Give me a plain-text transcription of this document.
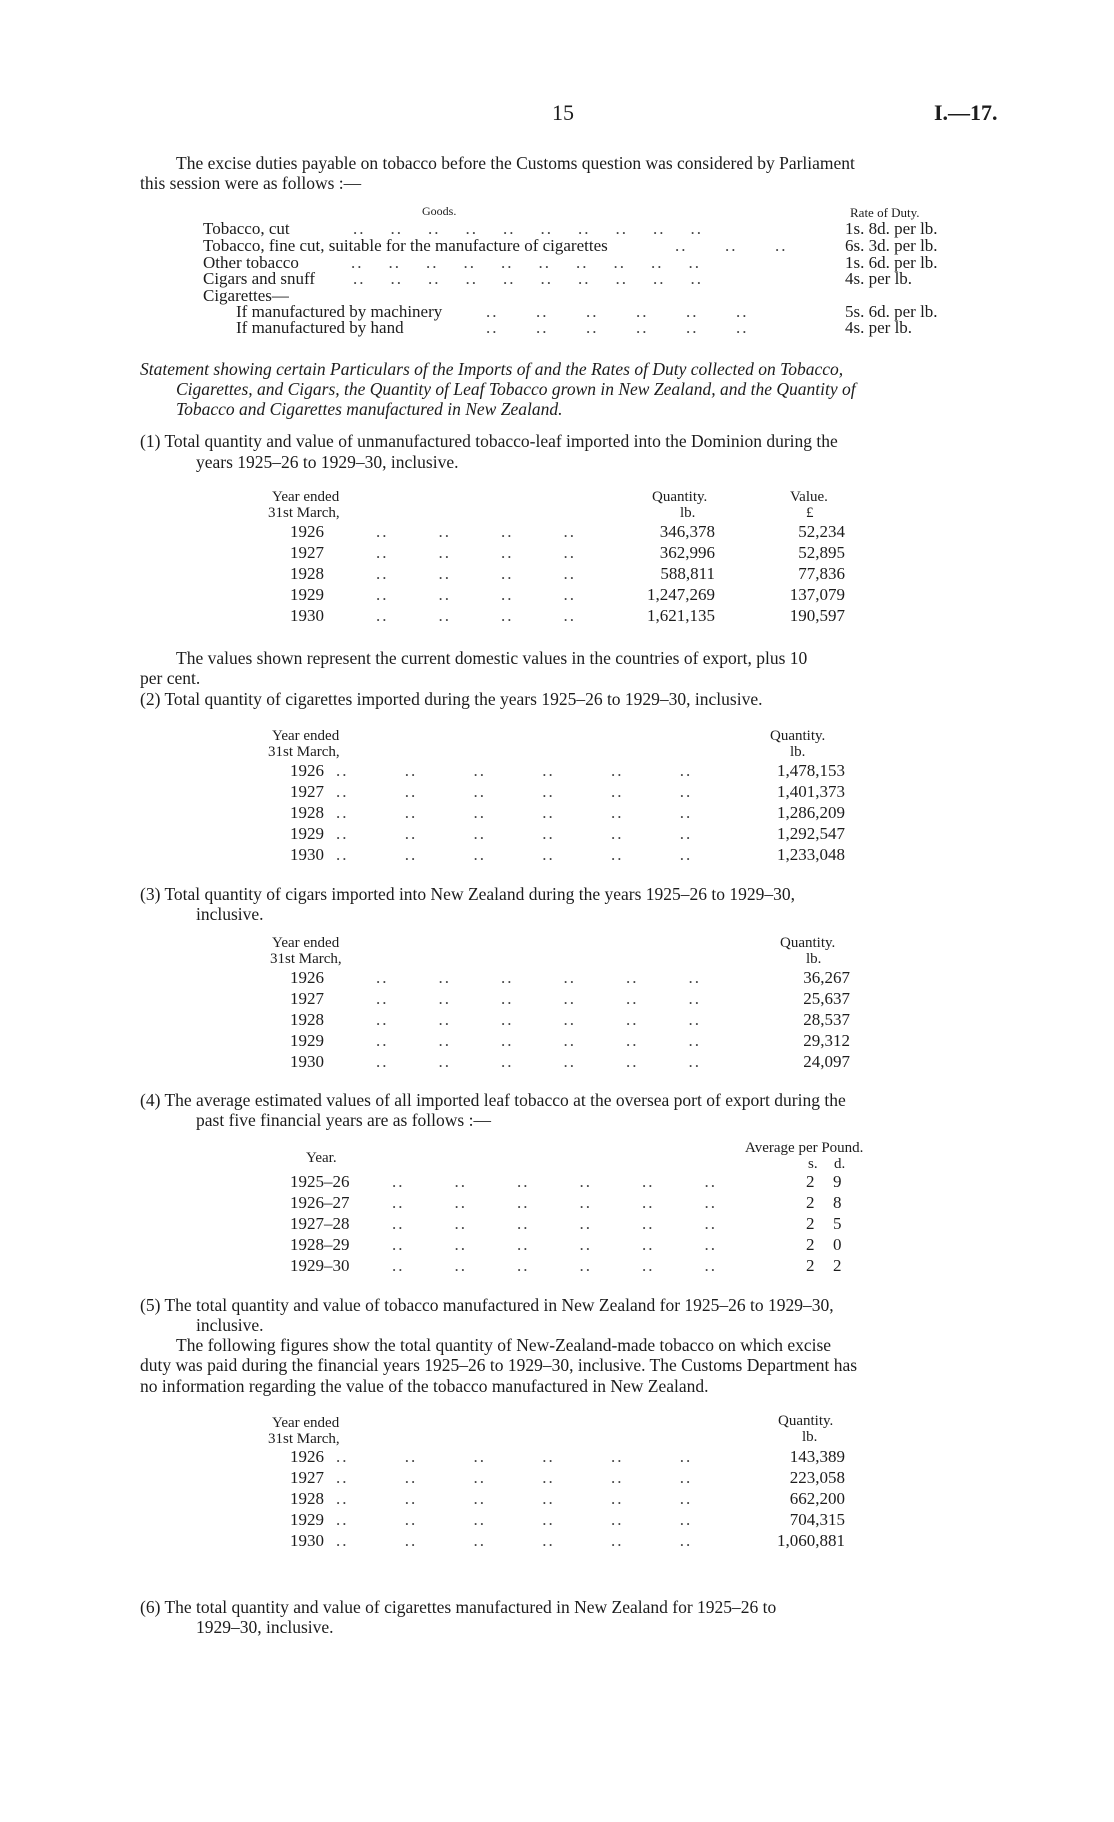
15	I.—17.
The excise duties payable on tobacco before the Customs question was considered by Parliament
this session were as follows :—
Goods.	Rate of Duty.
Tobacco, cut	..    ..    ..    ..    ..    ..    ..    ..    ..    ..	1s. 8d. per lb.
Tobacco, fine cut, suitable for the manufacture of cigarettes	..      ..      ..	6s. 3d. per lb.
Other tobacco	..    ..    ..    ..    ..    ..    ..    ..    ..    ..	1s. 6d. per lb.
Cigars and snuff ..    ..    ..    ..    ..    ..    ..    ..    ..    ..	4s. per lb.
Cigarettes—
If manufactured by machinery	..      ..      ..      ..      ..      ..	5s. 6d. per lb.
If manufactured by hand	..      ..      ..      ..      ..      ..	4s. per lb.
Statement showing certain Particulars of the Imports of and the Rates of Duty collected on Tobacco,
Cigarettes, and Cigars, the Quantity of Leaf Tobacco grown in New Zealand, and the Quantity of
Tobacco and Cigarettes manufactured in New Zealand.
(1) Total quantity and value of unmanufactured tobacco-leaf imported into the Dominion during the
years 1925–26 to 1929–30, inclusive.
Year ended
31st March,
Quantity.
lb.
Value.
£
1926	..        ..        ..        ..	346,378	52,234
1927	..        ..        ..        ..	362,996	52,895
1928	..        ..        ..        ..	588,811	77,836
1929	..        ..        ..        ..	1,247,269	137,079
1930	..        ..        ..        ..	1,621,135	190,597
The values shown represent the current domestic values in the countries of export, plus 10
per cent.
(2) Total quantity of cigarettes imported during the years 1925–26 to 1929–30, inclusive.
Year ended
31st March,
Quantity.
lb.
1926 ..         ..         ..         ..         ..         ..	1,478,153
1927 ..         ..         ..         ..         ..         ..	1,401,373
1928 ..         ..         ..         ..         ..         ..	1,286,209
1929 ..         ..         ..         ..         ..         ..	1,292,547
1930 ..         ..         ..         ..         ..         ..	1,233,048
(3) Total quantity of cigars imported into New Zealand during the years 1925–26 to 1929–30,
inclusive.
Year ended
31st March,
Quantity.
lb.
1926	..        ..        ..        ..        ..        ..	36,267
1927	..        ..        ..        ..        ..        ..	25,637
1928	..        ..        ..        ..        ..        ..	28,537
1929	..        ..        ..        ..        ..        ..	29,312
1930	..        ..        ..        ..        ..        ..	24,097
(4) The average estimated values of all imported leaf tobacco at the oversea port of export during the
past five financial years are as follows :—
Year.
Average per Pound.
s. d.
1925–26	..        ..        ..        ..        ..        ..	2 9
1926–27	..        ..        ..        ..        ..        ..	2 8
1927–28	..        ..        ..        ..        ..        ..	2 5
1928–29	..        ..        ..        ..        ..        ..	2 0
1929–30	..        ..        ..        ..        ..        ..	2 2
(5) The total quantity and value of tobacco manufactured in New Zealand for 1925–26 to 1929–30,
inclusive.
The following figures show the total quantity of New-Zealand-made tobacco on which excise
duty was paid during the financial years 1925–26 to 1929–30, inclusive. The Customs Department has
no information regarding the value of the tobacco manufactured in New Zealand.
Year ended
31st March,
Quantity.
lb.
1926 ..         ..         ..         ..         ..         ..	143,389
1927 ..         ..         ..         ..         ..         ..	223,058
1928 ..         ..         ..         ..         ..         ..	662,200
1929 ..         ..         ..         ..         ..         ..	704,315
1930 ..         ..         ..         ..         ..         ..	1,060,881
(6) The total quantity and value of cigarettes manufactured in New Zealand for 1925–26 to
1929–30, inclusive.
